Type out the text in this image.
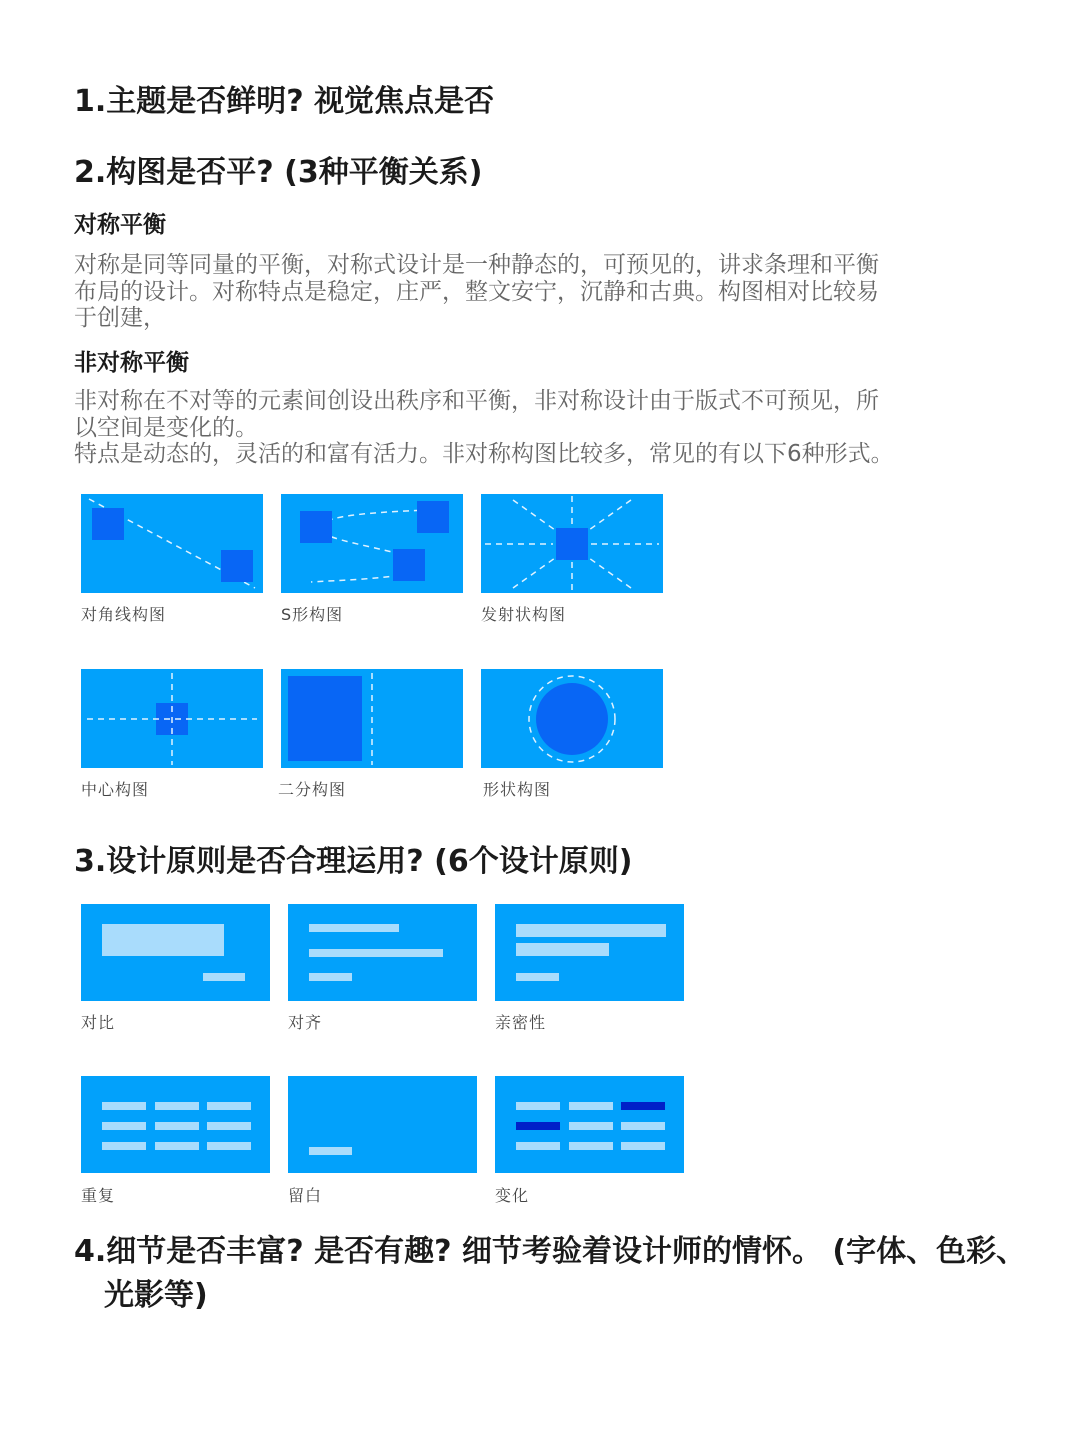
1.主题是否鲜明? 视觉焦点是否
2.构图是否平? (3种平衡关系)
对称平衡
对称是同等同量的平衡，对称式设计是一种静态的，可预见的，讲求条理和平衡
布局的设计。对称特点是稳定，庄严，整文安宁，沉静和古典。构图相对比较易
于创建，
非对称平衡
非对称在不对等的元素间创设出秩序和平衡，非对称设计由于版式不可预见，所
以空间是变化的。
特点是动态的，灵活的和富有活力。非对称构图比较多，常见的有以下6种形式。
对角线构图	S形构图	发射状构图
中心构图	二分构图	形状构图
3.设计原则是否合理运用? (6个设计原则)
对比	对齐	亲密性
重复	留白	变化
4.细节是否丰富? 是否有趣? 细节考验着设计师的情怀。 (字体、色彩、
光影等)
